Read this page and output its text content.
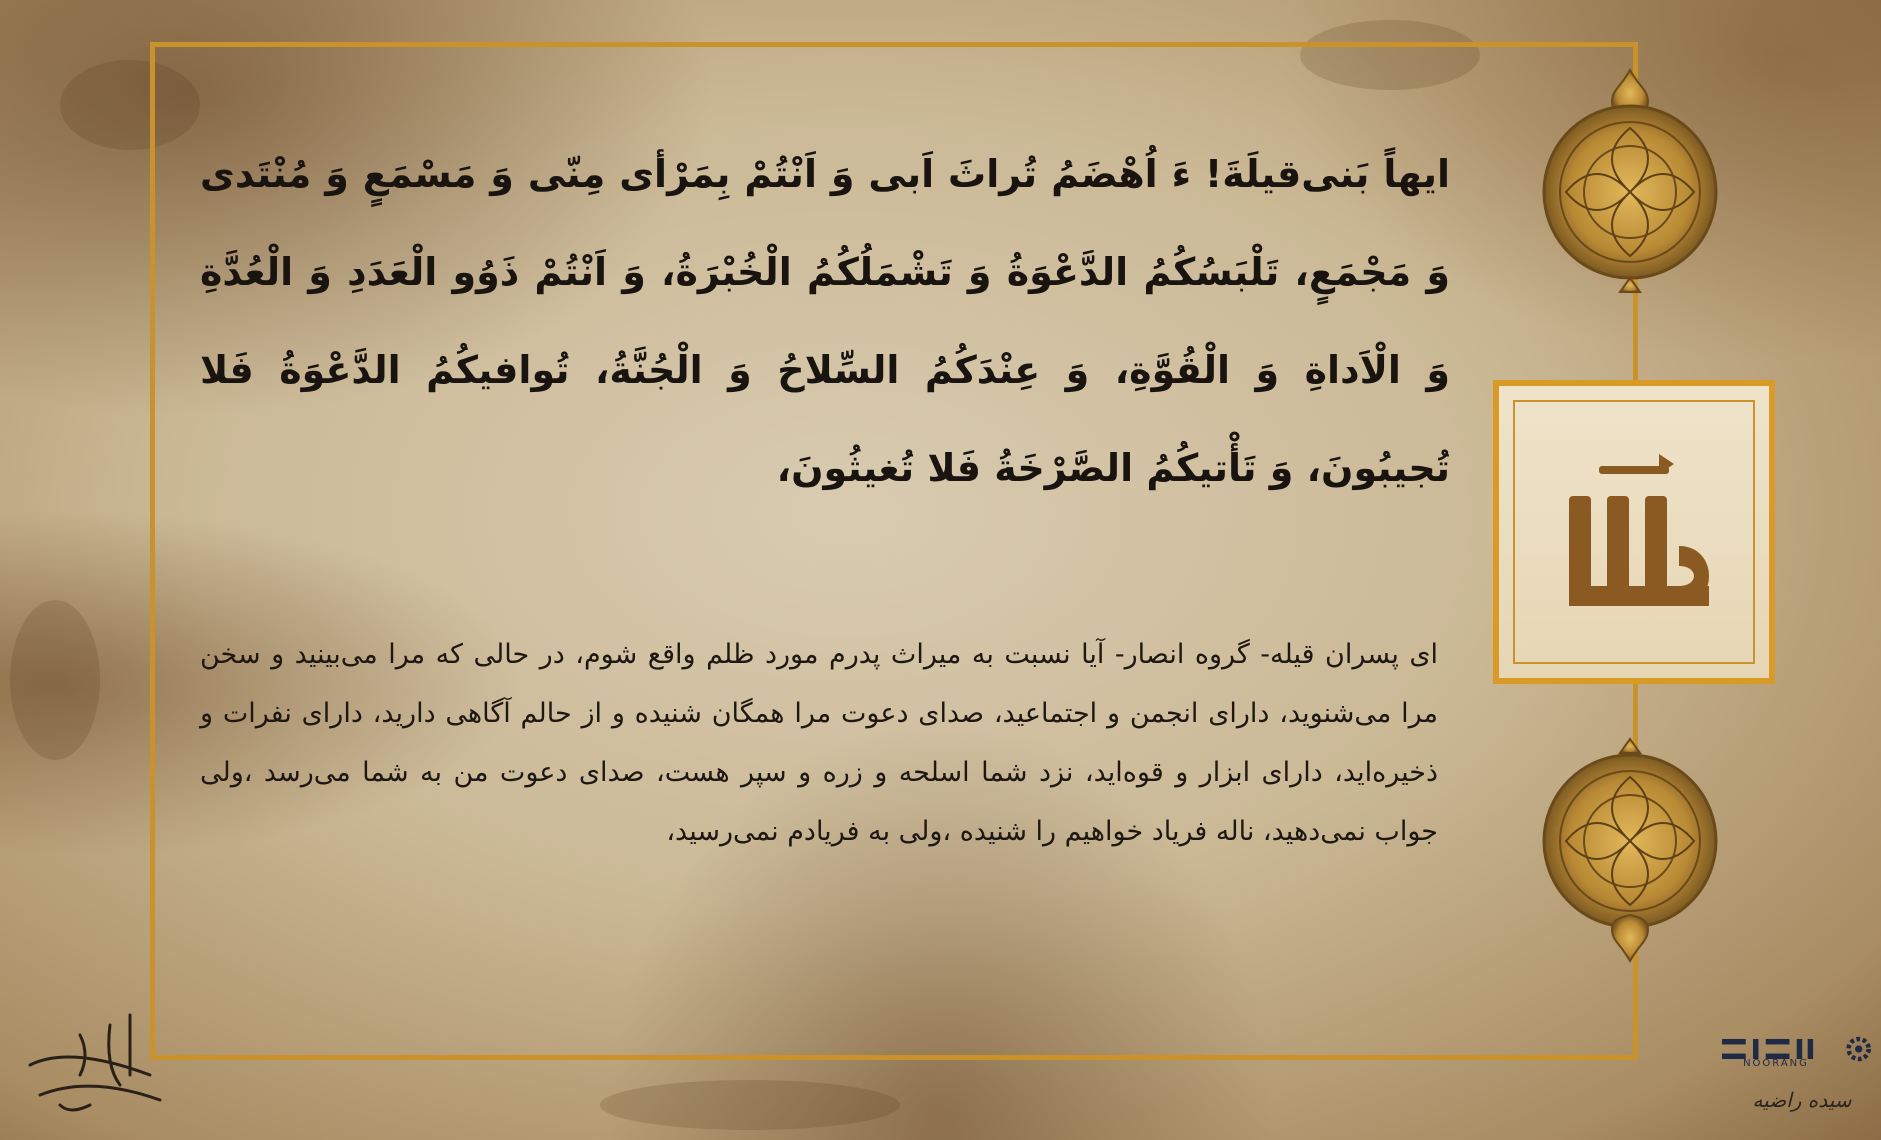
ایهاً بَنی‌قیلَةَ! ءَ اُهْضَمُ تُراثَ اَبی وَ اَنْتُمْ بِمَرْأی مِنّی وَ مَسْمَعٍ وَ مُنْتَدی وَ مَجْمَعٍ، تَلْبَسُکُمُ الدَّعْوَةُ وَ تَشْمَلُکُمُ الْخُبْرَةُ، وَ اَنْتُمْ ذَوُو الْعَدَدِ وَ الْعُدَّةِ وَ الْاَداةِ وَ الْقُوَّةِ، وَ عِنْدَکُمُ السِّلاحُ وَ الْجُنَّةُ، تُوافیکُمُ الدَّعْوَةُ فَلا تُجیبُونَ، وَ تَأْتیکُمُ الصَّرْخَةُ فَلا تُغیثُونَ،
ای پسران قیله- گروه انصار- آیا نسبت به میراث پدرم مورد ظلم واقع شوم، در حالی که مرا می‌بینید و سخن مرا می‌شنوید، دارای انجمن و اجتماعید، صدای دعوت مرا همگان شنیده و از حالم آگاهی دارید، دارای نفرات و ذخیره‌اید، دارای ابزار و قوه‌اید، نزد شما اسلحه و زره و سپر هست، صدای دعوت من به شما می‌رسد ،ولی جواب نمی‌دهید، ناله فریاد خواهیم را شنیده ،ولی به فریادم نمی‌رسید،
NOORANG
سیده راضیه
